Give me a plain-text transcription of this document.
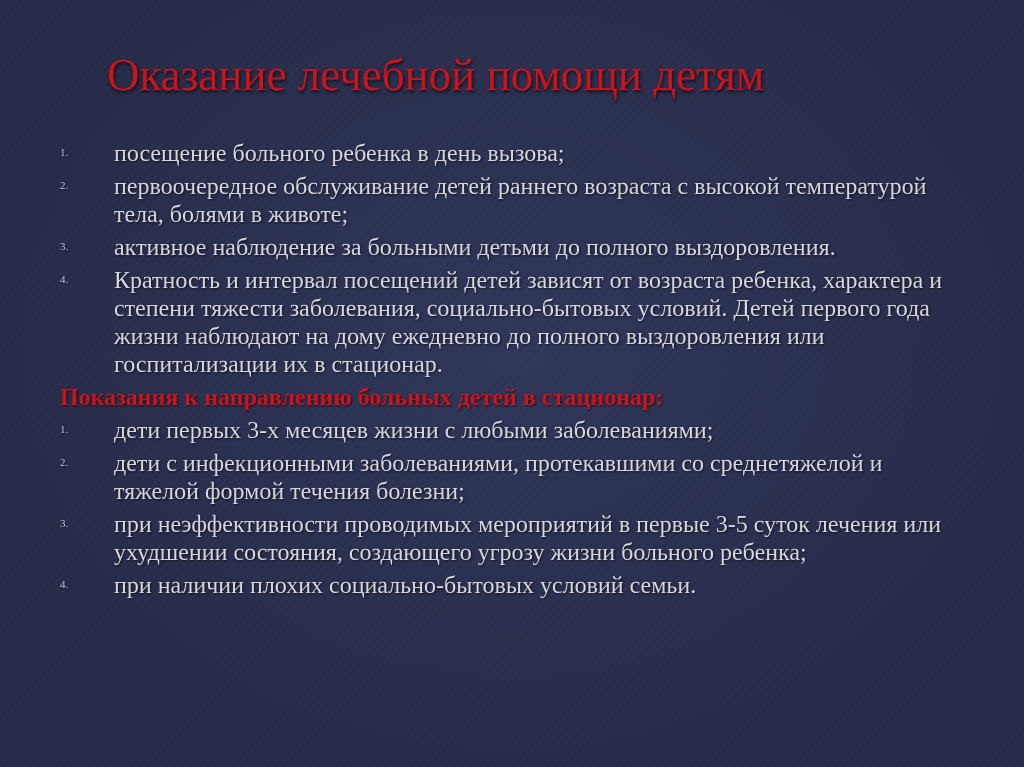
Оказание лечебной помощи детям
1. посещение больного ребенка в день вызова;
2. первоочередное обслуживание детей раннего возраста с высокой температурой тела, болями в животе;
3. активное наблюдение за больными детьми до полного выздоровления.
4. Кратность и интервал посещений детей зависят от возраста ребенка, характера и степени тяжести заболевания, социально-бытовых условий. Детей первого года жизни наблюдают на дому ежедневно до полного выздоровления или госпитализации их в стационар.

Показания к направлению больных детей в стационар:

1. дети первых 3-х месяцев жизни с любыми заболеваниями;
2. дети с инфекционными заболеваниями, протекавшими со среднетяжелой и тяжелой формой течения болезни;
3. при неэффективности проводимых мероприятий в первые 3-5 суток лечения или ухудшении состояния, создающего угрозу жизни больного ребенка;
4. при наличии плохих социально-бытовых условий семьи.
